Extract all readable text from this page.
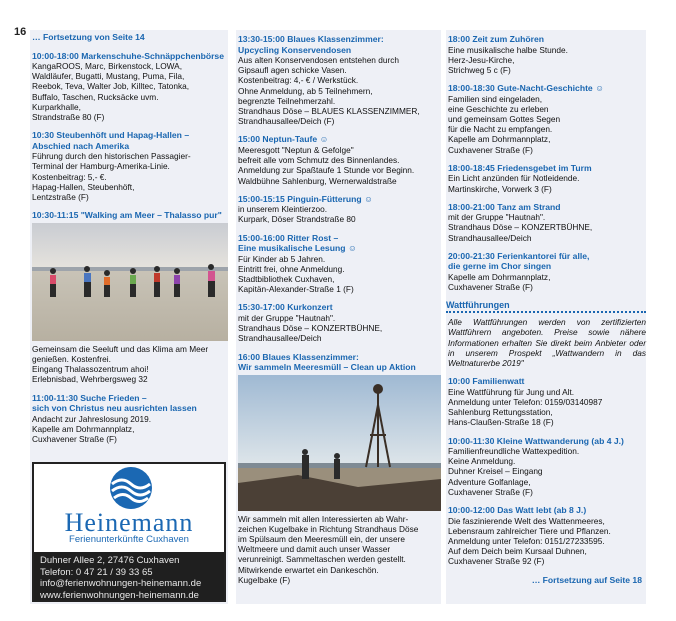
16 … Fortsetzung von Seite 14
10:00-18:00 Markenschuhe-Schnäppchenbörse
KangaROOS, Marc, Birkenstock, LOWA,
Waldläufer, Bugatti, Mustang, Puma, Fila,
Reebok, Teva, Walter Job, Killtec, Tatonka,
Buffalo, Taschen, Rucksäcke uvm.
Kurparkhalle,
Strandstraße 80 (F)
10:30 Steubenhöft und Hapag-Hallen –
Abschied nach Amerika
Führung durch den historischen Passagier-
Terminal der Hamburg-Amerika-Linie.
Kostenbeitrag: 5,- €.
Hapag-Hallen, Steubenhöft,
Lentzstraße (F)
10:30-11:15 "Walking am Meer – Thalasso pur"
Gemeinsam die Seeluft und das Klima am Meer
genießen. Kostenfrei.
Eingang Thalassozentrum ahoi!
Erlebnisbad, Wehrbergsweg 32
11:00-11:30 Suche Frieden –
sich von Christus neu ausrichten lassen
Andacht zur Jahreslosung 2019.
Kapelle am Dohrmannplatz,
Cuxhavener Straße (F)
Heinemann
Ferienunterkünfte Cuxhaven
Duhner Allee 2, 27476 Cuxhaven
Telefon: 0 47 21 / 39 33 65
info@ferienwohnungen-heinemann.de
www.ferienwohnungen-heinemann.de
13:30-15:00 Blaues Klassenzimmer:
Upcycling Konservendosen
Aus alten Konservendosen entstehen durch
Gipsaufl agen schicke Vasen.
Kostenbeitrag: 4,- € / Werkstück.
Ohne Anmeldung, ab 5 Teilnehmern,
begrenzte Teilnehmerzahl.
Strandhaus Döse – BLAUES KLASSENZIMMER,
Strandhausallee/Deich (F)
15:00 Neptun-Taufe ☺
Meeresgott "Neptun & Gefolge"
befreit alle vom Schmutz des Binnenlandes.
Anmeldung zur Spaßtaufe 1 Stunde vor Beginn.
Waldbühne Sahlenburg, Wernerwaldstraße
15:00-15:15 Pinguin-Fütterung ☺
in unserem Kleintierzoo.
Kurpark, Döser Strandstraße 80
15:00-16:00 Ritter Rost –
Eine musikalische Lesung ☺
Für Kinder ab 5 Jahren.
Eintritt frei, ohne Anmeldung.
Stadtbibliothek Cuxhaven,
Kapitän-Alexander-Straße 1 (F)
15:30-17:00 Kurkonzert
mit der Gruppe "Hautnah".
Strandhaus Döse – KONZERTBÜHNE,
Strandhausallee/Deich
16:00 Blaues Klassenzimmer:
Wir sammeln Meeresmüll – Clean up Aktion
Wir sammeln mit allen Interessierten ab Wahr-
zeichen Kugelbake in Richtung Strandhaus Döse
im Spülsaum den Meeresmüll ein, der unsere
Weltmeere und damit auch unser Wasser
verunreinigt. Sammeltaschen werden gestellt.
Mitwirkende erwartet ein Dankeschön.
Kugelbake (F)
18:00 Zeit zum Zuhören
Eine musikalische halbe Stunde.
Herz-Jesu-Kirche,
Strichweg 5 c (F)
18:00-18:30 Gute-Nacht-Geschichte ☺
Familien sind eingeladen,
eine Geschichte zu erleben
und gemeinsam Gottes Segen
für die Nacht zu empfangen.
Kapelle am Dohrmannplatz,
Cuxhavener Straße (F)
18:00-18:45 Friedensgebet im Turm
Ein Licht anzünden für Notleidende.
Martinskirche, Vorwerk 3 (F)
18:00-21:00 Tanz am Strand
mit der Gruppe "Hautnah".
Strandhaus Döse – KONZERTBÜHNE,
Strandhausallee/Deich
20:00-21:30 Ferienkantorei für alle,
die gerne im Chor singen
Kapelle am Dohrmannplatz,
Cuxhavener Straße (F)
Wattführungen
Alle Wattführungen werden von zertifizierten Wattführern angeboten. Preise sowie nähere Informationen erhalten Sie direkt beim Anbieter oder in unserem Prospekt „Wattwandern in das Weltnaturerbe 2019"
10:00 Familienwatt
Eine Wattführung für Jung und Alt.
Anmeldung unter Telefon: 0159/03140987
Sahlenburg Rettungsstation,
Hans-Claußen-Straße 18 (F)
10:00-11:30 Kleine Wattwanderung (ab 4 J.)
Familienfreundliche Wattexpedition.
Keine Anmeldung.
Duhner Kreisel – Eingang
Adventure Golfanlage,
Cuxhavener Straße (F)
10:00-12:00 Das Watt lebt (ab 8 J.)
Die faszinierende Welt des Wattenmeeres,
Lebensraum zahlreicher Tiere und Pflanzen.
Anmeldung unter Telefon: 0151/27233595.
Auf dem Deich beim Kursaal Duhnen,
Cuxhavener Straße 92 (F)
… Fortsetzung auf Seite 18
